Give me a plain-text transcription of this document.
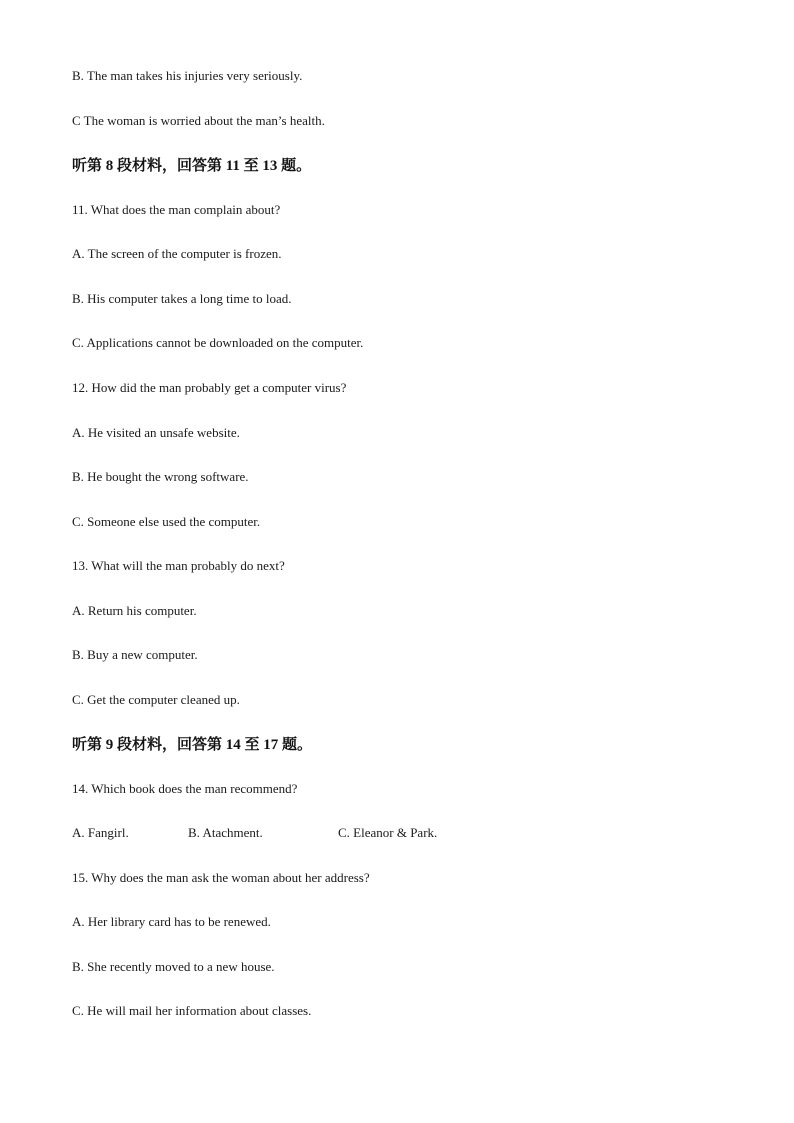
B. The man takes his injuries very seriously.
C The woman is worried about the man’s health.
听第 8 段材料，回答第 11 至 13 题。
11. What does the man complain about?
A. The screen of the computer is frozen.
B. His computer takes a long time to load.
C. Applications cannot be downloaded on the computer.
12. How did the man probably get a computer virus?
A. He visited an unsafe website.
B. He bought the wrong software.
C. Someone else used the computer.
13. What will the man probably do next?
A. Return his computer.
B. Buy a new computer.
C. Get the computer cleaned up.
听第 9 段材料，回答第 14 至 17 题。
14. Which book does the man recommend?
A. Fangirl.	B. Atachment.	C. Eleanor & Park.
15. Why does the man ask the woman about her address?
A. Her library card has to be renewed.
B. She recently moved to a new house.
C. He will mail her information about classes.
